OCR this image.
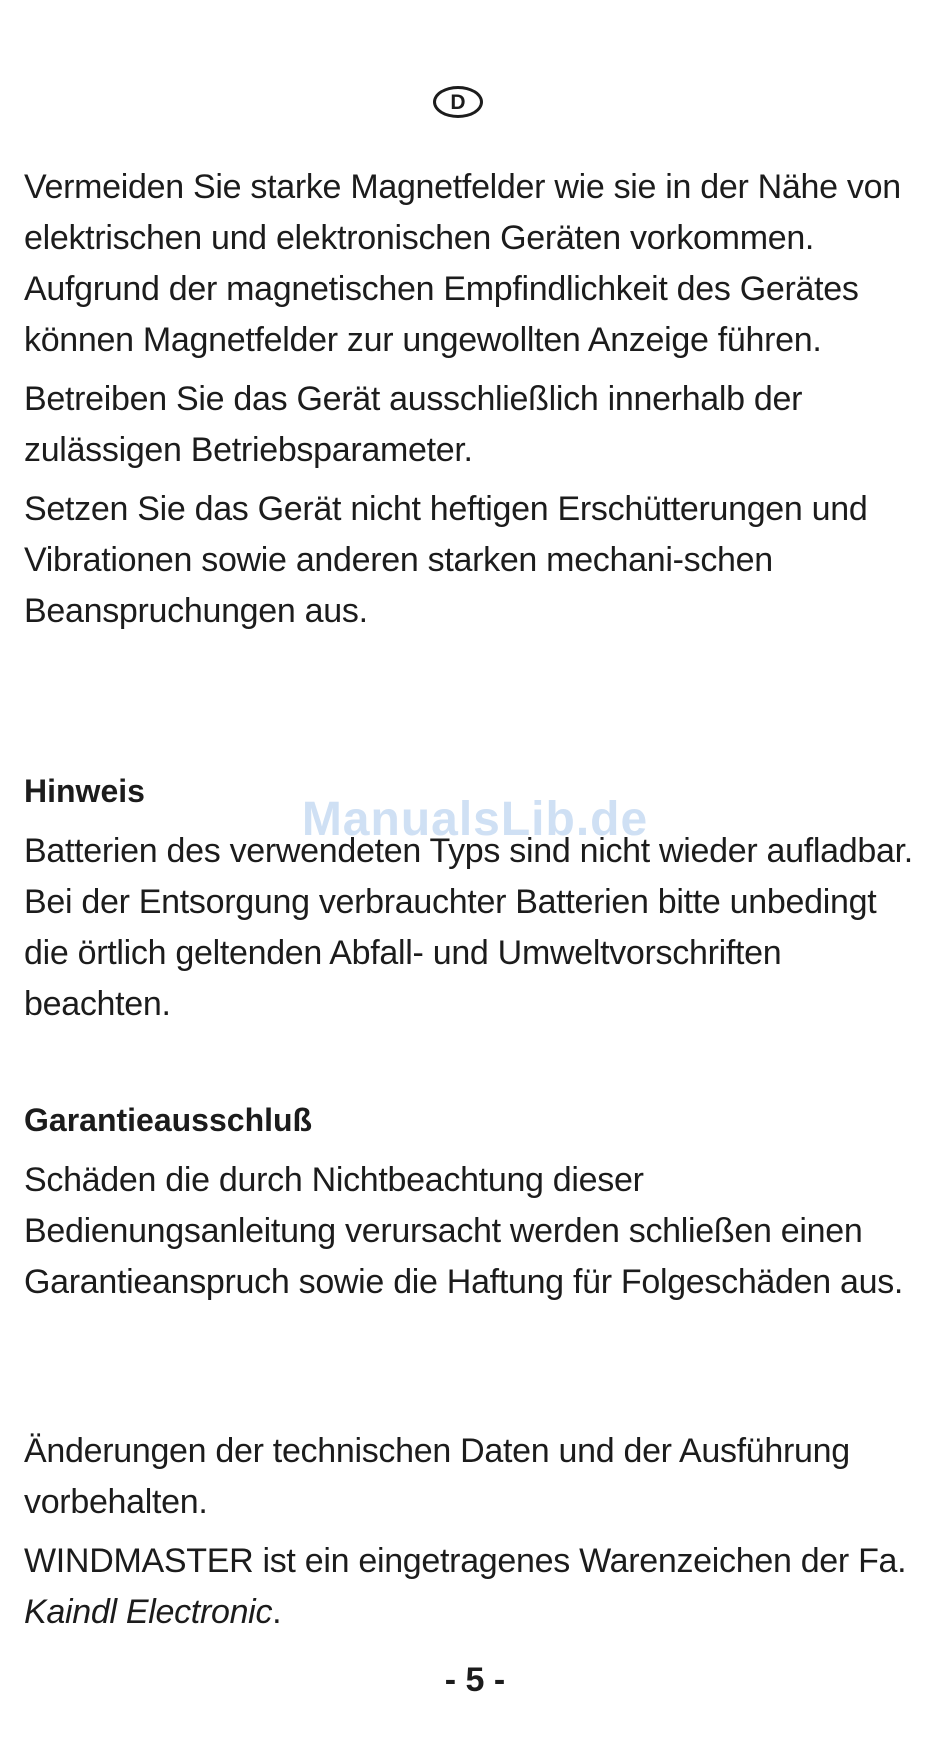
D

Vermeiden Sie starke Magnetfelder wie sie in der Nähe von elektrischen und elektronischen Geräten vorkommen. Aufgrund der magnetischen Empfindlichkeit des Gerätes können Magnetfelder zur ungewollten Anzeige führen.

Betreiben Sie das Gerät ausschließlich innerhalb der zulässigen Betriebsparameter.

Setzen Sie das Gerät nicht heftigen Erschütterungen und Vibrationen sowie anderen starken mechani-schen Beanspruchungen aus.

Hinweis
ManualsLib.de

Batterien des verwendeten Typs sind nicht wieder aufladbar. Bei der Entsorgung verbrauchter Batterien bitte unbedingt die örtlich geltenden Abfall- und Umweltvorschriften beachten.

Garantieausschluß

Schäden die durch Nichtbeachtung dieser Bedienungsanleitung verursacht werden schließen einen Garantieanspruch sowie die Haftung für Folgeschäden aus.

Änderungen der technischen Daten und der Ausführung vorbehalten.

WINDMASTER ist ein eingetragenes Warenzeichen der Fa. Kaindl Electronic.

- 5 -
